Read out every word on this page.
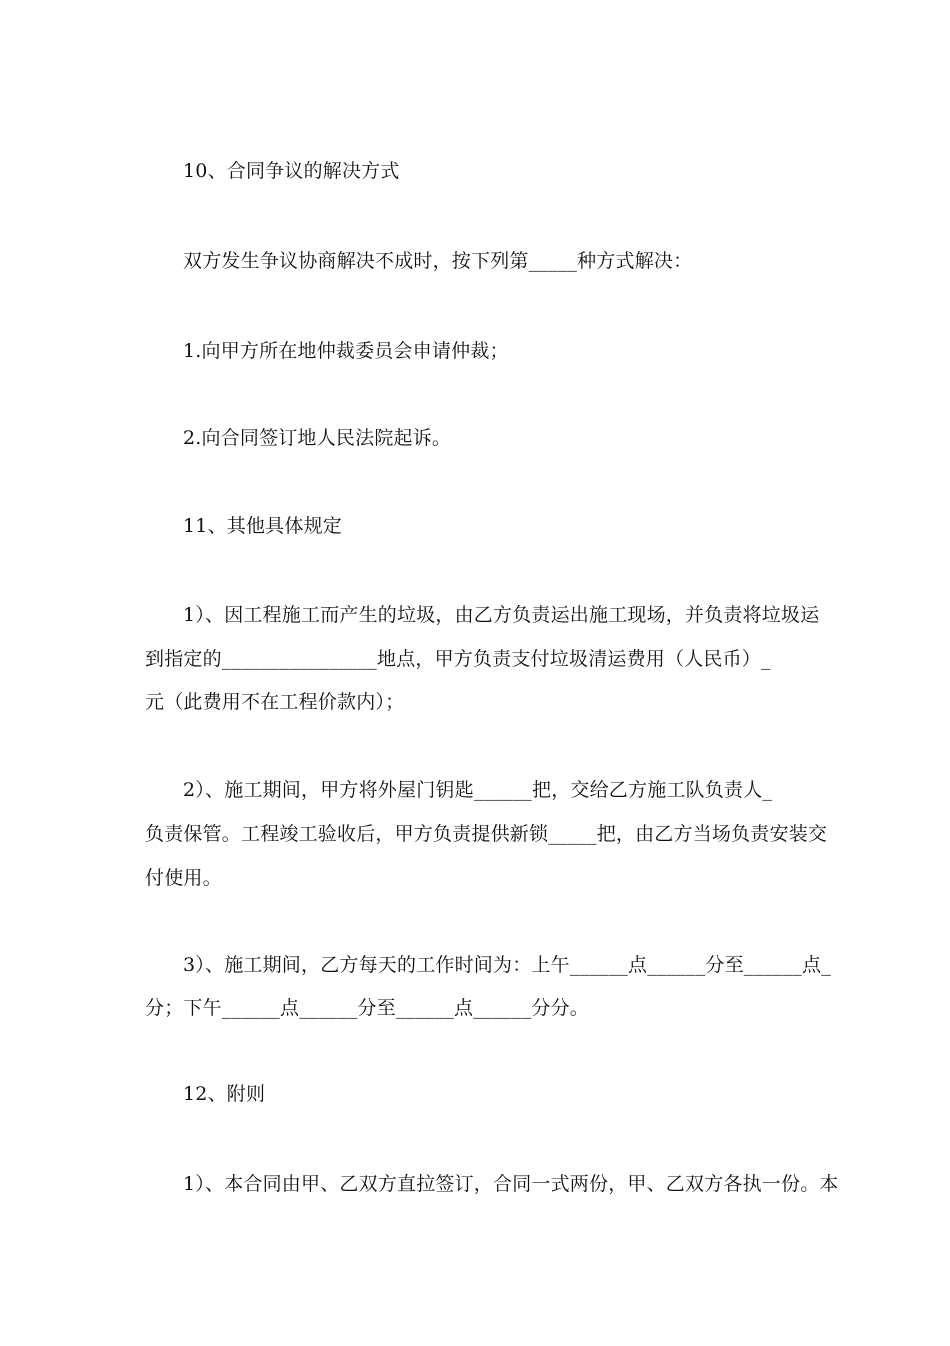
10、合同争议的解决方式
双方发生争议协商解决不成时，按下列第_____种方式解决：
1.向甲方所在地仲裁委员会申请仲裁；
2.向合同签订地人民法院起诉。
11、其他具体规定
1）、因工程施工而产生的垃圾，由乙方负责运出施工现场，并负责将垃圾运
到指定的________________地点，甲方负责支付垃圾清运费用（人民币）_
元（此费用不在工程价款内）；
2）、施工期间，甲方将外屋门钥匙______把，交给乙方施工队负责人_
负责保管。工程竣工验收后，甲方负责提供新锁_____把，由乙方当场负责安装交
付使用。
3）、施工期间，乙方每天的工作时间为：上午______点______分至______点_
分；下午______点______分至______点______分分。
12、附则
1）、本合同由甲、乙双方直拉签订，合同一式两份，甲、乙双方各执一份。本
